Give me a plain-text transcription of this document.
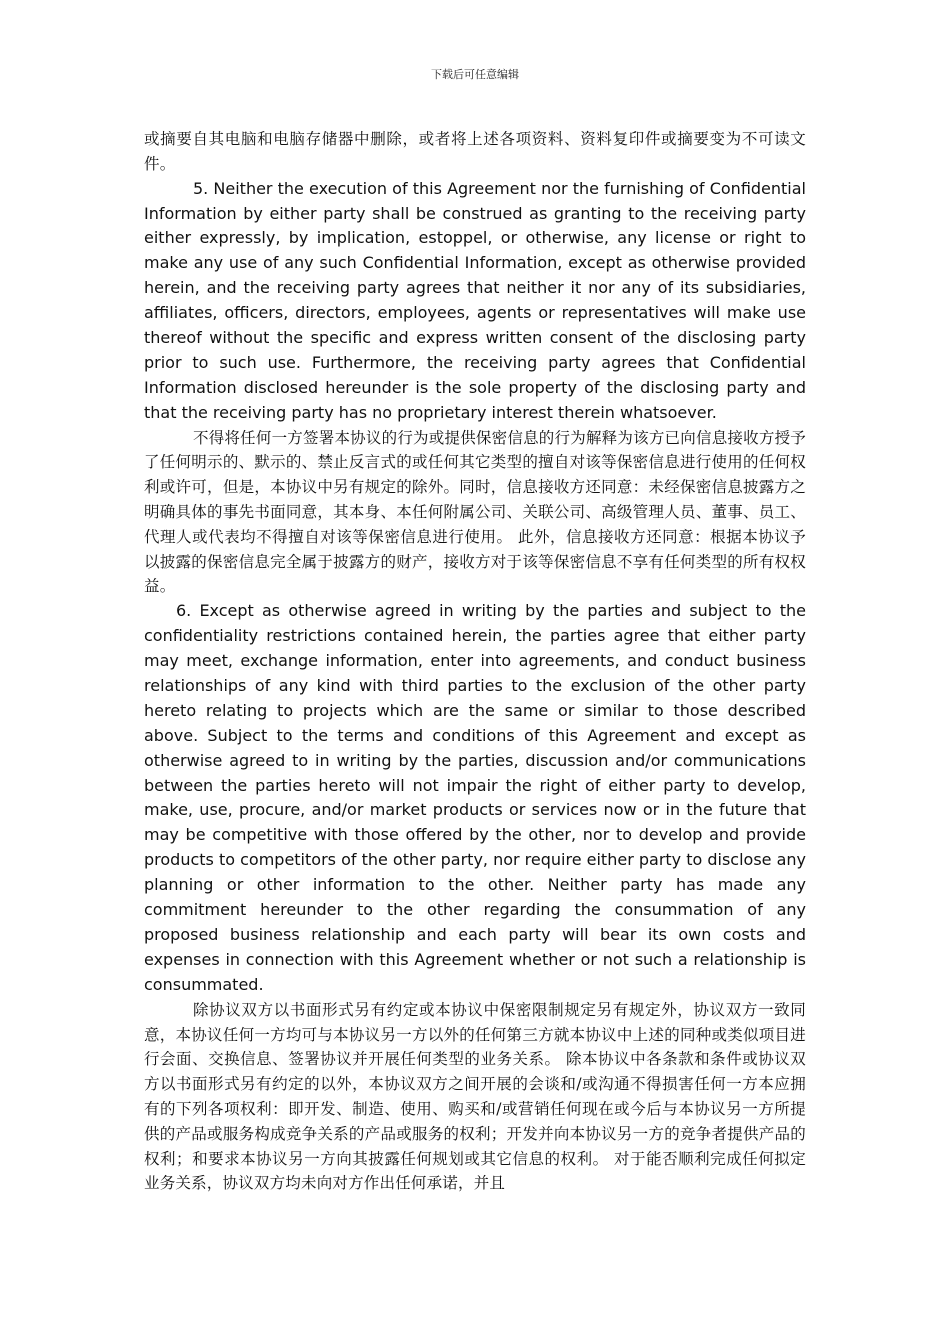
下载后可任意编辑

或摘要自其电脑和电脑存储器中删除，或者将上述各项资料、资料复印件或摘要变为不可读文件。

5. Neither the execution of this Agreement nor the furnishing of Confidential Information by either party shall be construed as granting to the receiving party either expressly, by implication, estoppel, or otherwise, any license or right to make any use of any such Confidential Information, except as otherwise provided herein, and the receiving party agrees that neither it nor any of its subsidiaries, affiliates, officers, directors, employees, agents or representatives will make use thereof without the specific and express written consent of the disclosing party prior to such use. Furthermore, the receiving party agrees that Confidential Information disclosed hereunder is the sole property of the disclosing party and that the receiving party has no proprietary interest therein whatsoever.

不得将任何一方签署本协议的行为或提供保密信息的行为解释为该方已向信息接收方授予了任何明示的、默示的、禁止反言式的或任何其它类型的擅自对该等保密信息进行使用的任何权利或许可，但是，本协议中另有规定的除外。同时，信息接收方还同意：未经保密信息披露方之明确具体的事先书面同意，其本身、本任何附属公司、关联公司、高级管理人员、董事、员工、代理人或代表均不得擅自对该等保密信息进行使用。 此外，信息接收方还同意：根据本协议予以披露的保密信息完全属于披露方的财产，接收方对于该等保密信息不享有任何类型的所有权权益。

6. Except as otherwise agreed in writing by the parties and subject to the confidentiality restrictions contained herein, the parties agree that either party may meet, exchange information, enter into agreements, and conduct business relationships of any kind with third parties to the exclusion of the other party hereto relating to projects which are the same or similar to those described above. Subject to the terms and conditions of this Agreement and except as otherwise agreed to in writing by the parties, discussion and/or communications between the parties hereto will not impair the right of either party to develop, make, use, procure, and/or market products or services now or in the future that may be competitive with those offered by the other, nor to develop and provide products to competitors of the other party, nor require either party to disclose any planning or other information to the other. Neither party has made any commitment hereunder to the other regarding the consummation of any proposed business relationship and each party will bear its own costs and expenses in connection with this Agreement whether or not such a relationship is consummated.

除协议双方以书面形式另有约定或本协议中保密限制规定另有规定外，协议双方一致同意，本协议任何一方均可与本协议另一方以外的任何第三方就本协议中上述的同种或类似项目进行会面、交换信息、签署协议并开展任何类型的业务关系。 除本协议中各条款和条件或协议双方以书面形式另有约定的以外，本协议双方之间开展的会谈和/或沟通不得损害任何一方本应拥有的下列各项权利：即开发、制造、使用、购买和/或营销任何现在或今后与本协议另一方所提供的产品或服务构成竞争关系的产品或服务的权利；开发并向本协议另一方的竞争者提供产品的权利；和要求本协议另一方向其披露任何规划或其它信息的权利。 对于能否顺利完成任何拟定业务关系，协议双方均未向对方作出任何承诺，并且
